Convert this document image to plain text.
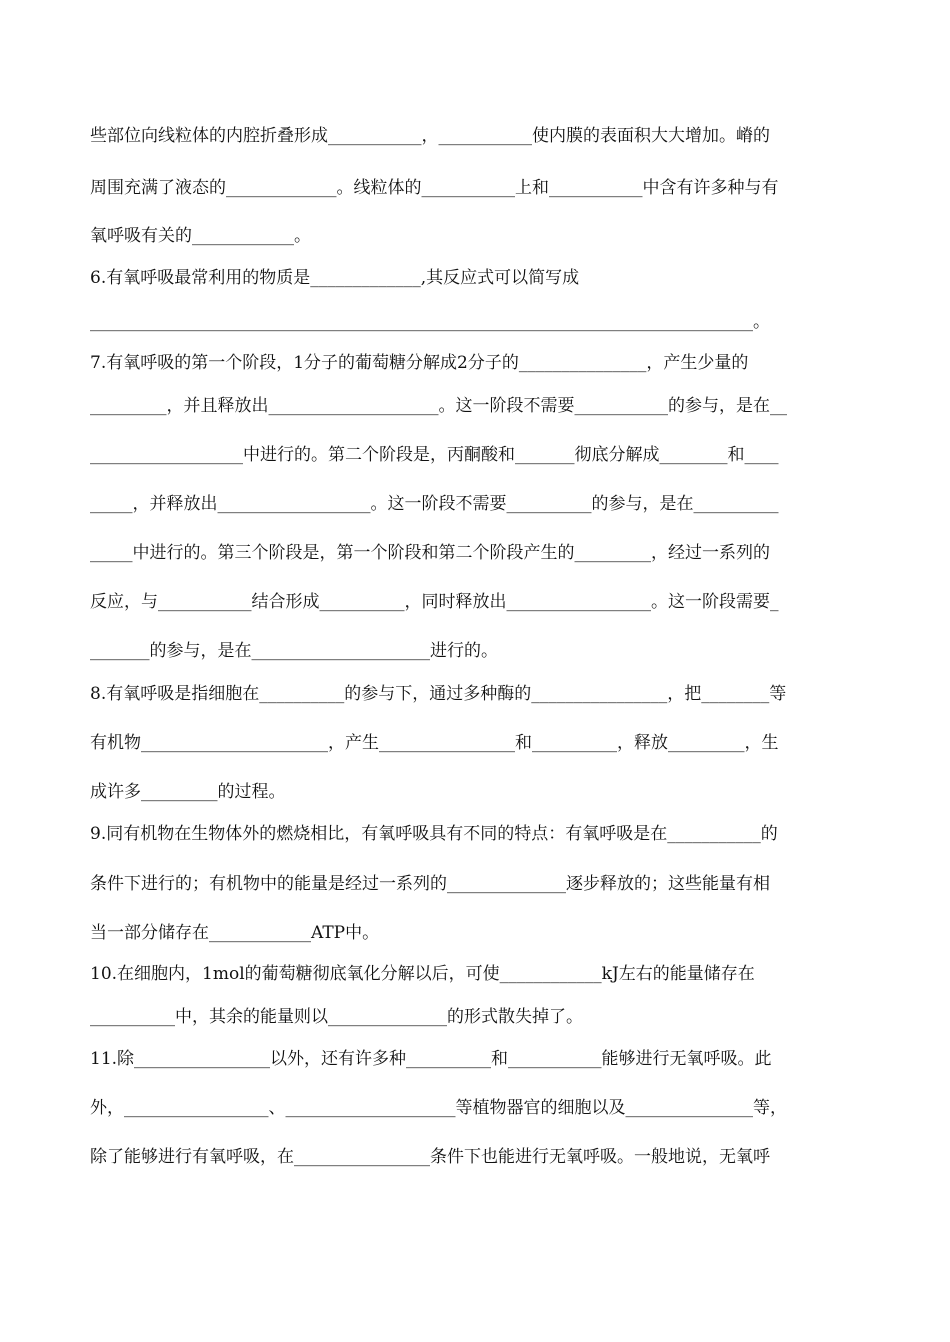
些部位向线粒体的内腔折叠形成___________，___________使内膜的表面积大大增加。嵴的
周围充满了液态的_____________。线粒体的___________上和___________中含有许多种与有
氧呼吸有关的____________。
6.有氧呼吸最常利用的物质是_____________,其反应式可以简写成
______________________________________________________________________________。
7.有氧呼吸的第一个阶段，1分子的葡萄糖分解成2分子的_______________，产生少量的
_________，并且释放出____________________。这一阶段不需要___________的参与，是在__
__________________中进行的。第二个阶段是，丙酮酸和_______彻底分解成________和____
_____，并释放出__________________。这一阶段不需要__________的参与，是在__________
_____中进行的。第三个阶段是，第一个阶段和第二个阶段产生的_________，经过一系列的
反应，与___________结合形成__________，同时释放出_________________。这一阶段需要_
_______的参与，是在_____________________进行的。
8.有氧呼吸是指细胞在__________的参与下，通过多种酶的________________，把________等
有机物______________________，产生________________和__________，释放_________，生
成许多_________的过程。
9.同有机物在生物体外的燃烧相比，有氧呼吸具有不同的特点：有氧呼吸是在___________的
条件下进行的；有机物中的能量是经过一系列的______________逐步释放的；这些能量有相
当一部分储存在____________ATP中。
10.在细胞内，1mol的葡萄糖彻底氧化分解以后，可使____________kJ左右的能量储存在
__________中，其余的能量则以______________的形式散失掉了。
11.除________________以外，还有许多种__________和___________能够进行无氧呼吸。此
外，_________________、____________________等植物器官的细胞以及_______________等，
除了能够进行有氧呼吸，在________________条件下也能进行无氧呼吸。一般地说，无氧呼
